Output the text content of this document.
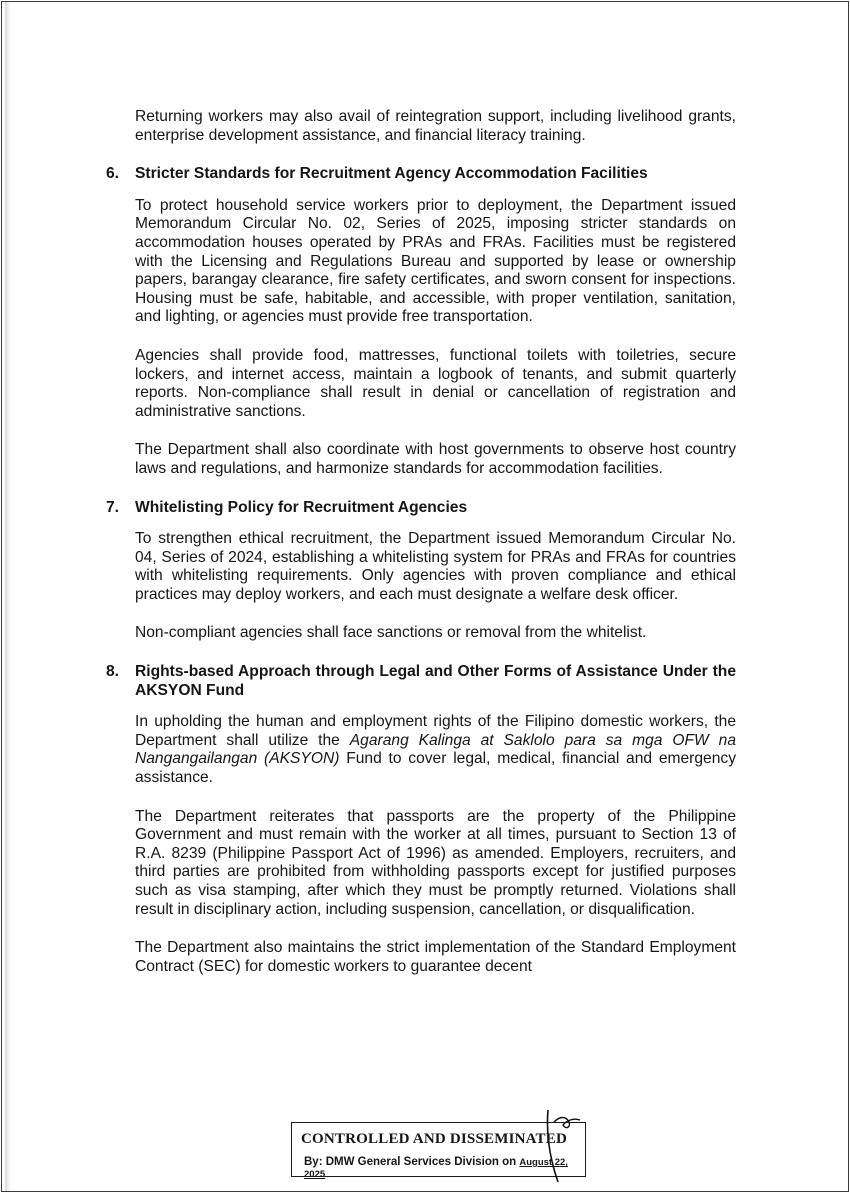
Returning workers may also avail of reintegration support, including livelihood grants, enterprise development assistance, and financial literacy training.

6.	Stricter Standards for Recruitment Agency Accommodation Facilities

To protect household service workers prior to deployment, the Department issued Memorandum Circular No. 02, Series of 2025, imposing stricter standards on accommodation houses operated by PRAs and FRAs. Facilities must be registered with the Licensing and Regulations Bureau and supported by lease or ownership papers, barangay clearance, fire safety certificates, and sworn consent for inspections. Housing must be safe, habitable, and accessible, with proper ventilation, sanitation, and lighting, or agencies must provide free transportation.

Agencies shall provide food, mattresses, functional toilets with toiletries, secure lockers, and internet access, maintain a logbook of tenants, and submit quarterly reports. Non-compliance shall result in denial or cancellation of registration and administrative sanctions.

The Department shall also coordinate with host governments to observe host country laws and regulations, and harmonize standards for accommodation facilities.

7.	Whitelisting Policy for Recruitment Agencies

To strengthen ethical recruitment, the Department issued Memorandum Circular No. 04, Series of 2024, establishing a whitelisting system for PRAs and FRAs for countries with whitelisting requirements. Only agencies with proven compliance and ethical practices may deploy workers, and each must designate a welfare desk officer.

Non-compliant agencies shall face sanctions or removal from the whitelist.

8.	Rights-based Approach through Legal and Other Forms of Assistance Under the AKSYON Fund

In upholding the human and employment rights of the Filipino domestic workers, the Department shall utilize the Agarang Kalinga at Saklolo para sa mga OFW na Nangangailangan (AKSYON) Fund to cover legal, medical, financial and emergency assistance.

The Department reiterates that passports are the property of the Philippine Government and must remain with the worker at all times, pursuant to Section 13 of R.A. 8239 (Philippine Passport Act of 1996) as amended. Employers, recruiters, and third parties are prohibited from withholding passports except for justified purposes such as visa stamping, after which they must be promptly returned. Violations shall result in disciplinary action, including suspension, cancellation, or disqualification.

The Department also maintains the strict implementation of the Standard Employment Contract (SEC) for domestic workers to guarantee decent

CONTROLLED AND DISSEMINATED
By: DMW General Services Division on August 22, 2025
